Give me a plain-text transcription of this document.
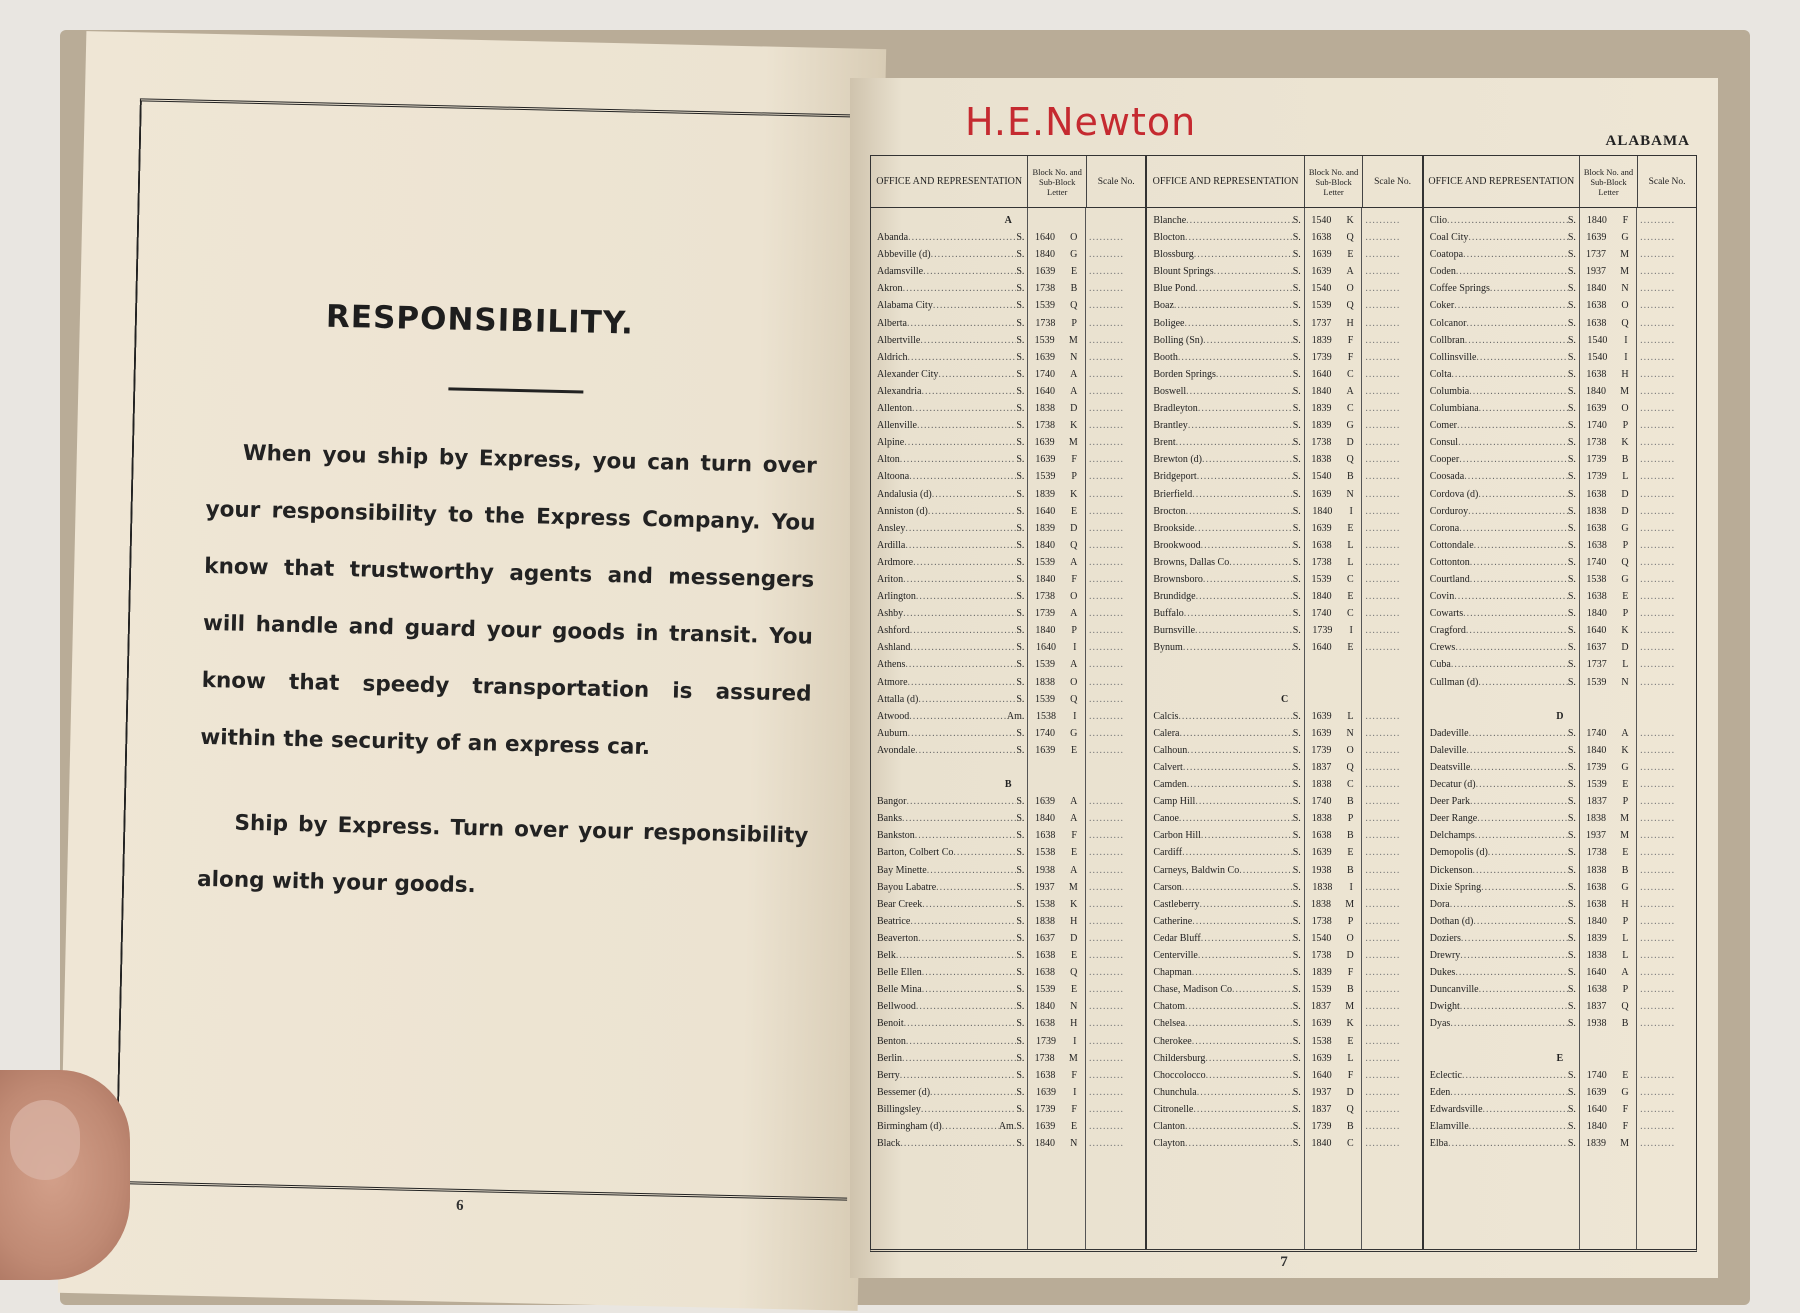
RESPONSIBILITY.

When you ship by Express, you can turn over your responsibility to the Express Company. You know that trustworthy agents and messengers will handle and guard your goods in transit. You know that speedy transportation is assured within the security of an express car.

Ship by Express. Turn over your responsibility along with your goods.

6
H.E.Newton	ALABAMA
OFFICE AND REPRESENTATION
Block No. and Sub-Block Letter
Scale No.
A
Abanda .....	S. 1640 O	..........
Abbeville (d) .....	S. 1840 G	..........
Adamsville .....	S. 1639 E	..........
Akron .....	S. 1738 B	..........
Alabama City .....	S. 1539 Q	..........
Alberta .....	S. 1738 P	..........
Albertville .....	S. 1539 M	..........
Aldrich .....	S. 1639 N	..........
Alexander City .....	S. 1740 A	..........
Alexandria .....	S. 1640 A	..........
Allenton .....	S. 1838 D	..........
Allenville .....	S. 1738 K	..........
Alpine .....	S. 1639 M	..........
Alton .....	S. 1639 F	..........
Altoona .....	S. 1539 P	..........
Andalusia (d) .....	S. 1839 K	..........
Anniston (d) .....	S. 1640 E	..........
Ansley .....	S. 1839 D	..........
Ardilla .....	S. 1840 Q	..........
Ardmore .....	S. 1539 A	..........
Ariton .....	S. 1840 F	..........
Arlington .....	S. 1738 O	..........
Ashby .....	S. 1739 A	..........
Ashford .....	S. 1840 P	..........
Ashland .....	S. 1640 I	..........
Athens .....	S. 1539 A	..........
Atmore .....	S. 1838 O	..........
Attalla (d) .....	S. 1539 Q	..........
Atwood .....	Am. 1538 I	..........
Auburn .....	S. 1740 G	..........
Avondale .....	S. 1639 E	..........
B
Bangor .....	S. 1639 A	..........
Banks .....	S. 1840 A	..........
Bankston .....	S. 1638 F	..........
Barton, Colbert Co .....	S. 1538 E	..........
Bay Minette .....	S. 1938 A	..........
Bayou Labatre .....	S. 1937 M	..........
Bear Creek .....	S. 1538 K	..........
Beatrice .....	S. 1838 H	..........
Beaverton .....	S. 1637 D	..........
Belk .....	S. 1638 E	..........
Belle Ellen .....	S. 1638 Q	..........
Belle Mina .....	S. 1539 E	..........
Bellwood .....	S. 1840 N	..........
Benoit .....	S. 1638 H	..........
Benton .....	S. 1739 I	..........
Berlin .....	S. 1738 M	..........
Berry .....	S. 1638 F	..........
Bessemer (d) .....	S. 1639 I	..........
Billingsley .....	S. 1739 F	..........
Birmingham (d) .....	Am.S. 1639 E	..........
Black .....	S. 1840 N	..........
OFFICE AND REPRESENTATION
Block No. and Sub-Block Letter
Scale No.
Blanche .....	S. 1540 K	..........
Blocton .....	S. 1638 Q	..........
Blossburg .....	S. 1639 E	..........
Blount Springs .....	S. 1639 A	..........
Blue Pond .....	S. 1540 O	..........
Boaz .....	S. 1539 Q	..........
Boligee .....	S. 1737 H	..........
Bolling (Sn) .....	S. 1839 F	..........
Booth .....	S. 1739 F	..........
Borden Springs .....	S. 1640 C	..........
Boswell .....	S. 1840 A	..........
Bradleyton .....	S. 1839 C	..........
Brantley .....	S. 1839 G	..........
Brent .....	S. 1738 D	..........
Brewton (d) .....	S. 1838 Q	..........
Bridgeport .....	S. 1540 B	..........
Brierfield .....	S. 1639 N	..........
Brocton .....	S. 1840 I	..........
Brookside .....	S. 1639 E	..........
Brookwood .....	S. 1638 L	..........
Browns, Dallas Co .....	S. 1738 L	..........
Brownsboro .....	S. 1539 C	..........
Brundidge .....	S. 1840 E	..........
Buffalo .....	S. 1740 C	..........
Burnsville .....	S. 1739 I	..........
Bynum .....	S. 1640 E	..........
C
Calcis .....	S. 1639 L	..........
Calera .....	S. 1639 N	..........
Calhoun .....	S. 1739 O	..........
Calvert .....	S. 1837 Q	..........
Camden .....	S. 1838 C	..........
Camp Hill .....	S. 1740 B	..........
Canoe .....	S. 1838 P	..........
Carbon Hill .....	S. 1638 B	..........
Cardiff .....	S. 1639 E	..........
Carneys, Baldwin Co .....	S. 1938 B	..........
Carson .....	S. 1838 I	..........
Castleberry .....	S. 1838 M	..........
Catherine .....	S. 1738 P	..........
Cedar Bluff .....	S. 1540 O	..........
Centerville .....	S. 1738 D	..........
Chapman .....	S. 1839 F	..........
Chase, Madison Co .....	S. 1539 B	..........
Chatom .....	S. 1837 M	..........
Chelsea .....	S. 1639 K	..........
Cherokee .....	S. 1538 E	..........
Childersburg .....	S. 1639 L	..........
Choccolocco .....	S. 1640 F	..........
Chunchula .....	S. 1937 D	..........
Citronelle .....	S. 1837 Q	..........
Clanton .....	S. 1739 B	..........
Clayton .....	S. 1840 C	..........
OFFICE AND REPRESENTATION
Block No. and Sub-Block Letter
Scale No.
Clio .....	S. 1840 F	..........
Coal City .....	S. 1639 G	..........
Coatopa .....	S. 1737 M	..........
Coden .....	S. 1937 M	..........
Coffee Springs .....	S. 1840 N	..........
Coker .....	S. 1638 O	..........
Colcanor .....	S. 1638 Q	..........
Collbran .....	S. 1540 I	..........
Collinsville .....	S. 1540 I	..........
Colta .....	S. 1638 H	..........
Columbia .....	S. 1840 M	..........
Columbiana .....	S. 1639 O	..........
Comer .....	S. 1740 P	..........
Consul .....	S. 1738 K	..........
Cooper .....	S. 1739 B	..........
Coosada .....	S. 1739 L	..........
Cordova (d) .....	S. 1638 D	..........
Corduroy .....	S. 1838 D	..........
Corona .....	S. 1638 G	..........
Cottondale .....	S. 1638 P	..........
Cottonton .....	S. 1740 Q	..........
Courtland .....	S. 1538 G	..........
Covin .....	S. 1638 E	..........
Cowarts .....	S. 1840 P	..........
Cragford .....	S. 1640 K	..........
Crews .....	S. 1637 D	..........
Cuba .....	S. 1737 L	..........
Cullman (d) .....	S. 1539 N	..........
D
Dadeville .....	S. 1740 A	..........
Daleville .....	S. 1840 K	..........
Deatsville .....	S. 1739 G	..........
Decatur (d) .....	S. 1539 E	..........
Deer Park .....	S. 1837 P	..........
Deer Range .....	S. 1838 M	..........
Delchamps .....	S. 1937 M	..........
Demopolis (d) .....	S. 1738 E	..........
Dickenson .....	S. 1838 B	..........
Dixie Spring .....	S. 1638 G	..........
Dora .....	S. 1638 H	..........
Dothan (d) .....	S. 1840 P	..........
Doziers .....	S. 1839 L	..........
Drewry .....	S. 1838 L	..........
Dukes .....	S. 1640 A	..........
Duncanville .....	S. 1638 P	..........
Dwight .....	S. 1837 Q	..........
Dyas .....	S. 1938 B	..........
E
Eclectic .....	S. 1740 E	..........
Eden .....	S. 1639 G	..........
Edwardsville .....	S. 1640 F	..........
Elamville .....	S. 1840 F	..........
Elba .....	S. 1839 M	..........
7
